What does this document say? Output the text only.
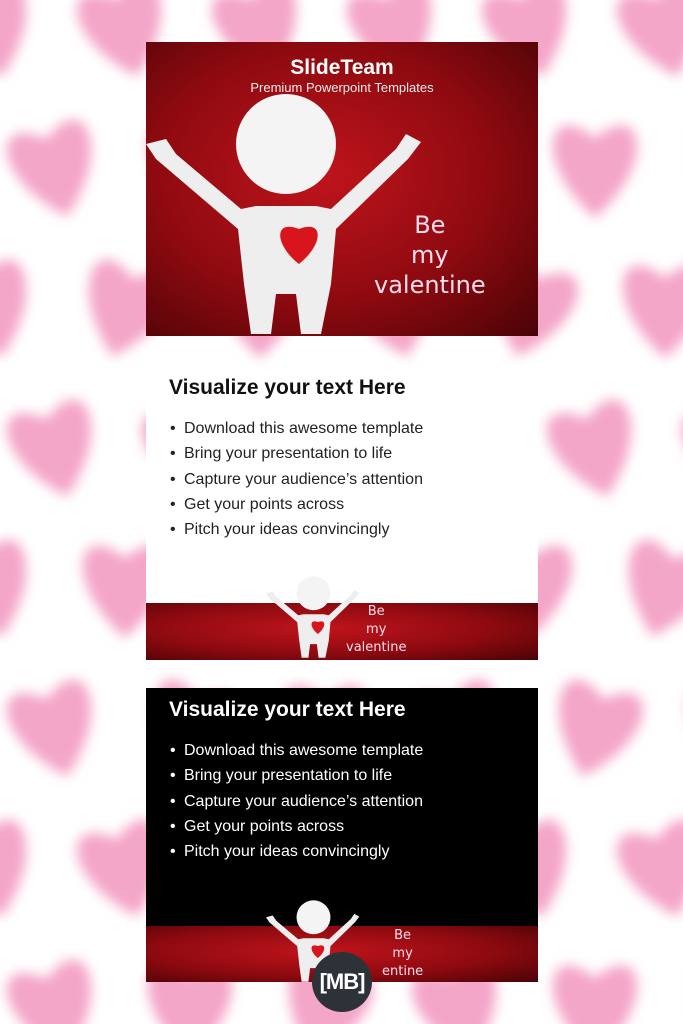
SlideTeam
Premium Powerpoint Templates
Be
my
valentine
Visualize your text Here
• Download this awesome template
• Bring your presentation to life
• Capture your audience’s attention
• Get your points across
• Pitch your ideas convincingly
Be
my
valentine
Visualize your text Here
• Download this awesome template
• Bring your presentation to life
• Capture your audience’s attention
• Get your points across
• Pitch your ideas convincingly
Be
my
entine
[MB]
